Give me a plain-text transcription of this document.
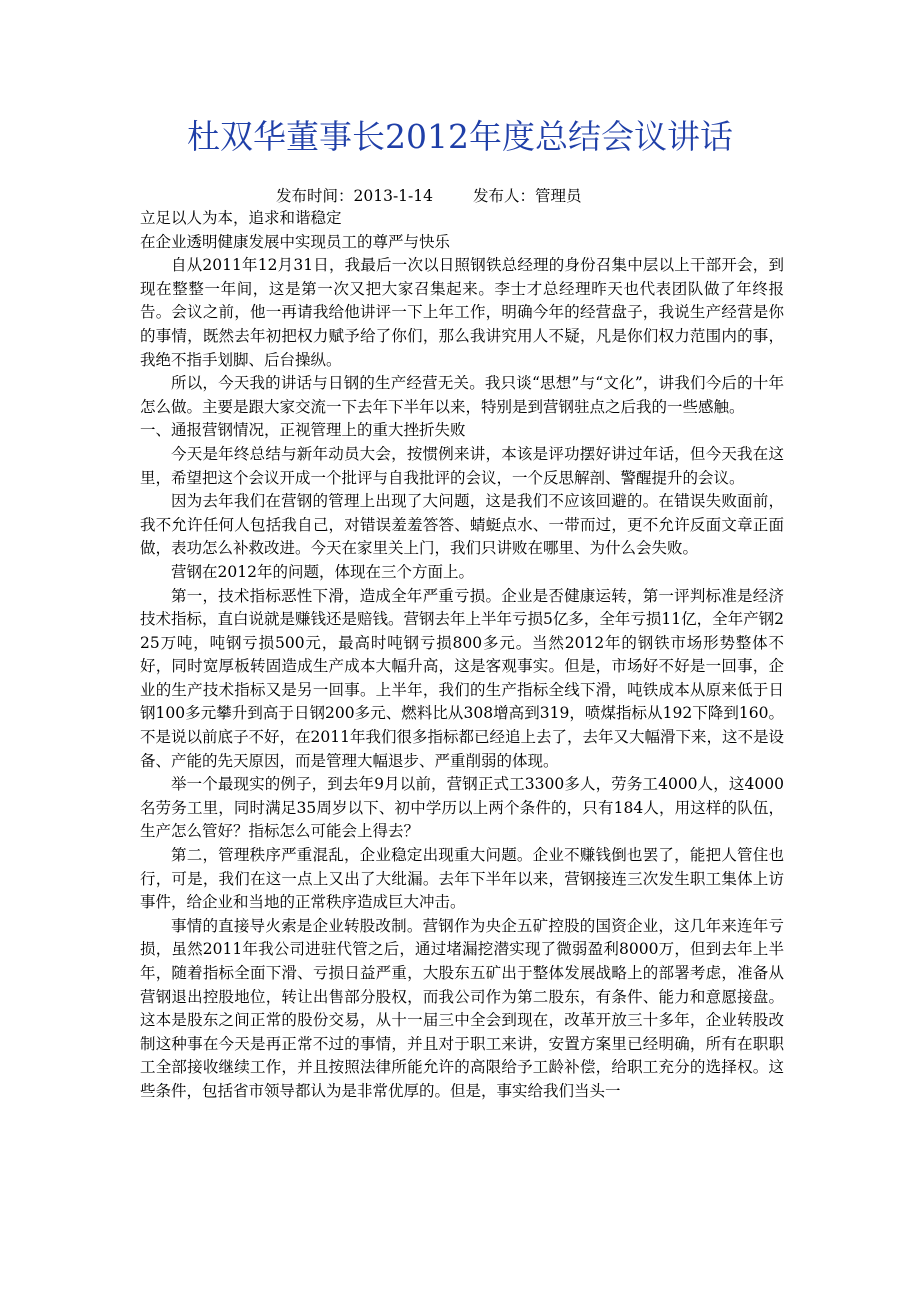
杜双华董事长2012年度总结会议讲话
发布时间：2013-1-14	发布人：管理员

立足以人为本，追求和谐稳定

在企业透明健康发展中实现员工的尊严与快乐

自从2011年12月31日，我最后一次以日照钢铁总经理的身份召集中层以上干部开会，到现在整整一年间，这是第一次又把大家召集起来。李士才总经理昨天也代表团队做了年终报告。会议之前，他一再请我给他讲评一下上年工作，明确今年的经营盘子，我说生产经营是你的事情，既然去年初把权力赋予给了你们，那么我讲究用人不疑，凡是你们权力范围内的事，我绝不指手划脚、后台操纵。

所以，今天我的讲话与日钢的生产经营无关。我只谈“思想”与“文化”，讲我们今后的十年怎么做。主要是跟大家交流一下去年下半年以来，特别是到营钢驻点之后我的一些感触。

一、通报营钢情况，正视管理上的重大挫折失败

今天是年终总结与新年动员大会，按惯例来讲，本该是评功摆好讲过年话，但今天我在这里，希望把这个会议开成一个批评与自我批评的会议，一个反思解剖、警醒提升的会议。

因为去年我们在营钢的管理上出现了大问题，这是我们不应该回避的。在错误失败面前，我不允许任何人包括我自己，对错误羞羞答答、蜻蜓点水、一带而过，更不允许反面文章正面做，表功怎么补救改进。今天在家里关上门，我们只讲败在哪里、为什么会失败。

营钢在2012年的问题，体现在三个方面上。

第一，技术指标恶性下滑，造成全年严重亏损。企业是否健康运转，第一评判标准是经济技术指标，直白说就是赚钱还是赔钱。营钢去年上半年亏损5亿多，全年亏损11亿，全年产钢225万吨，吨钢亏损500元，最高时吨钢亏损800多元。当然2012年的钢铁市场形势整体不好，同时宽厚板转固造成生产成本大幅升高，这是客观事实。但是，市场好不好是一回事，企业的生产技术指标又是另一回事。上半年，我们的生产指标全线下滑，吨铁成本从原来低于日钢100多元攀升到高于日钢200多元、燃料比从308增高到319，喷煤指标从192下降到160。不是说以前底子不好，在2011年我们很多指标都已经追上去了，去年又大幅滑下来，这不是设备、产能的先天原因，而是管理大幅退步、严重削弱的体现。

举一个最现实的例子，到去年9月以前，营钢正式工3300多人，劳务工4000人，这4000名劳务工里，同时满足35周岁以下、初中学历以上两个条件的，只有184人，用这样的队伍，生产怎么管好？指标怎么可能会上得去？

第二，管理秩序严重混乱，企业稳定出现重大问题。企业不赚钱倒也罢了，能把人管住也行，可是，我们在这一点上又出了大纰漏。去年下半年以来，营钢接连三次发生职工集体上访事件，给企业和当地的正常秩序造成巨大冲击。

事情的直接导火索是企业转股改制。营钢作为央企五矿控股的国资企业，这几年来连年亏损，虽然2011年我公司进驻代管之后，通过堵漏挖潜实现了微弱盈利8000万，但到去年上半年，随着指标全面下滑、亏损日益严重，大股东五矿出于整体发展战略上的部署考虑，准备从营钢退出控股地位，转让出售部分股权，而我公司作为第二股东，有条件、能力和意愿接盘。这本是股东之间正常的股份交易，从十一届三中全会到现在，改革开放三十多年，企业转股改制这种事在今天是再正常不过的事情，并且对于职工来讲，安置方案里已经明确，所有在职职工全部接收继续工作，并且按照法律所能允许的高限给予工龄补偿，给职工充分的选择权。这些条件，包括省市领导都认为是非常优厚的。但是，事实给我们当头一
